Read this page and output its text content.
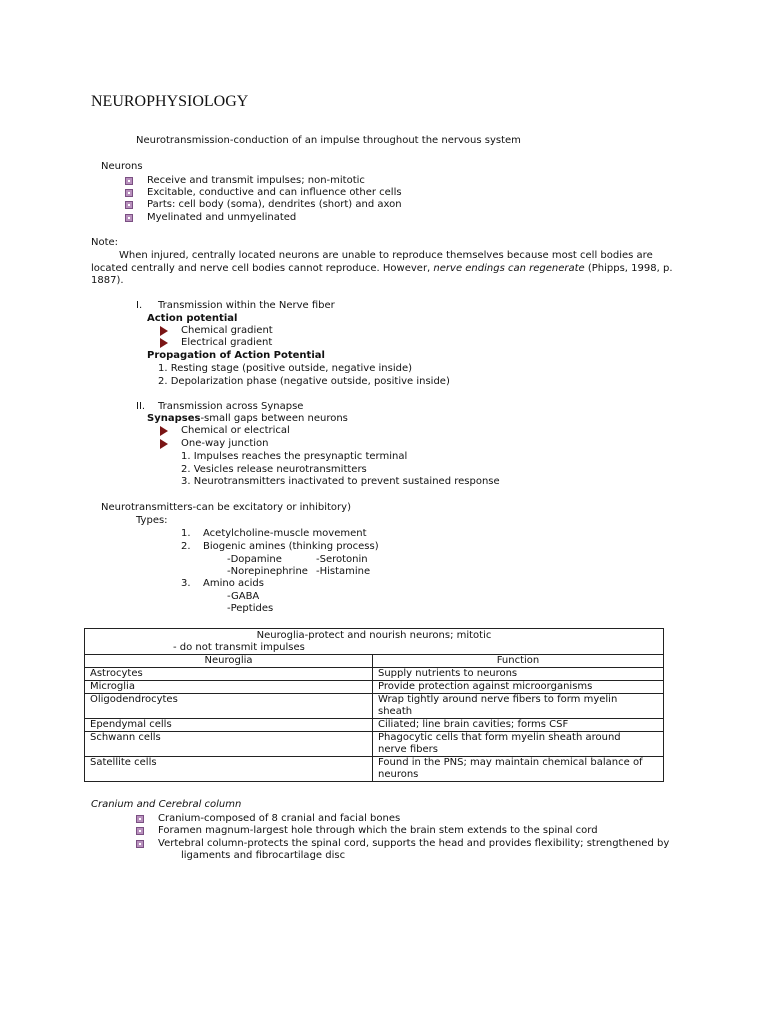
NEUROPHYSIOLOGY
Neurotransmission-conduction of an impulse throughout the nervous system
Neurons
Receive and transmit impulses; non-mitotic
Excitable, conductive and can influence other cells
Parts: cell body (soma), dendrites (short) and axon
Myelinated and unmyelinated
Note:
When injured, centrally located neurons are unable to reproduce themselves because most cell bodies are
located centrally and nerve cell bodies cannot reproduce. However, nerve endings can regenerate (Phipps, 1998, p.
1887).
I. Transmission within the Nerve fiber
Action potential
Chemical gradient
Electrical gradient
Propagation of Action Potential
1. Resting stage (positive outside, negative inside)
2. Depolarization phase (negative outside, positive inside)
II. Transmission across Synapse
Synapses-small gaps between neurons
Chemical or electrical
One-way junction
1. Impulses reaches the presynaptic terminal
2. Vesicles release neurotransmitters
3. Neurotransmitters inactivated to prevent sustained response
Neurotransmitters-can be excitatory or inhibitory)
Types:
1. Acetylcholine-muscle movement
2. Biogenic amines (thinking process)
-Dopamine	-Serotonin
-Norepinephrine -Histamine
3. Amino acids
-GABA
-Peptides
Neuroglia-protect and nourish neurons; mitotic
- do not transmit impulses	

Neuroglia	Function
Astrocytes	Supply nutrients to neurons
Microglia	Provide protection against microorganisms
Oligodendrocytes	Wrap tightly around nerve fibers to form myelin
sheath

Ependymal cells	Ciliated; line brain cavities; forms CSF
Schwann cells	Phagocytic cells that form myelin sheath around
nerve fibers

Satellite cells	Found in the PNS; may maintain chemical balance of
neurons
Cranium and Cerebral column
Cranium-composed of 8 cranial and facial bones
Foramen magnum-largest hole through which the brain stem extends to the spinal cord
Vertebral column-protects the spinal cord, supports the head and provides flexibility; strengthened by
ligaments and fibrocartilage disc
